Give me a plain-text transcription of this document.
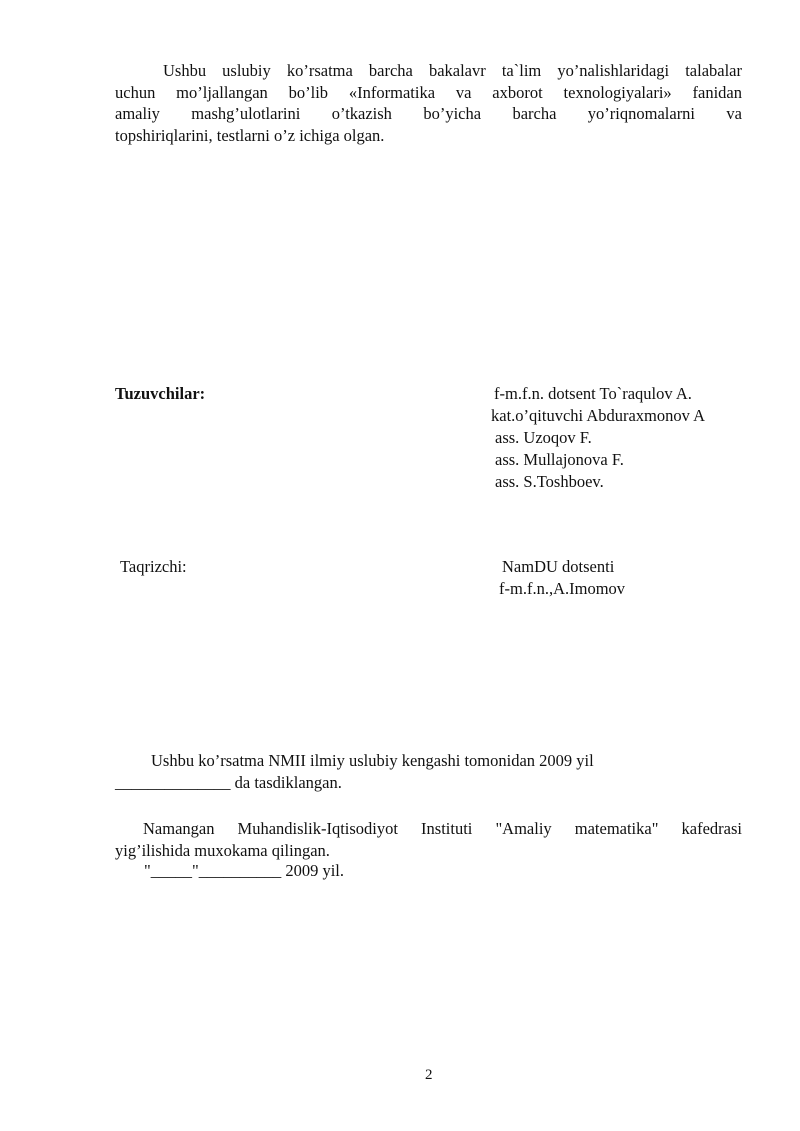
Ushbu uslubiy ko’rsatma barcha bakalavr ta`lim yo’nalishlaridagi talabalar
uchun mo’ljallangan bo’lib «Informatika va axborot texnologiyalari» fanidan
amaliy mashg’ulotlarini o’tkazish bo’yicha barcha yo’riqnomalarni va
topshiriqlarini, testlarni o’z ichiga olgan.
Tuzuvchilar:	f-m.f.n. dotsent To`raqulov A.
kat.o’qituvchi Abduraxmonov A
ass. Uzoqov F.
ass. Mullajonova F.
ass. S.Toshboev.
Taqrizchi:	NamDU dotsenti
f-m.f.n.,A.Imomov
Ushbu ko’rsatma NMII ilmiy uslubiy kengashi tomonidan 2009 yil
______________ da tasdiklangan.
Namangan Muhandislik-Iqtisodiyot Instituti "Amaliy matematika" kafedrasi
yig’ilishida muxokama qilingan.
"_____"__________ 2009 yil.
2
